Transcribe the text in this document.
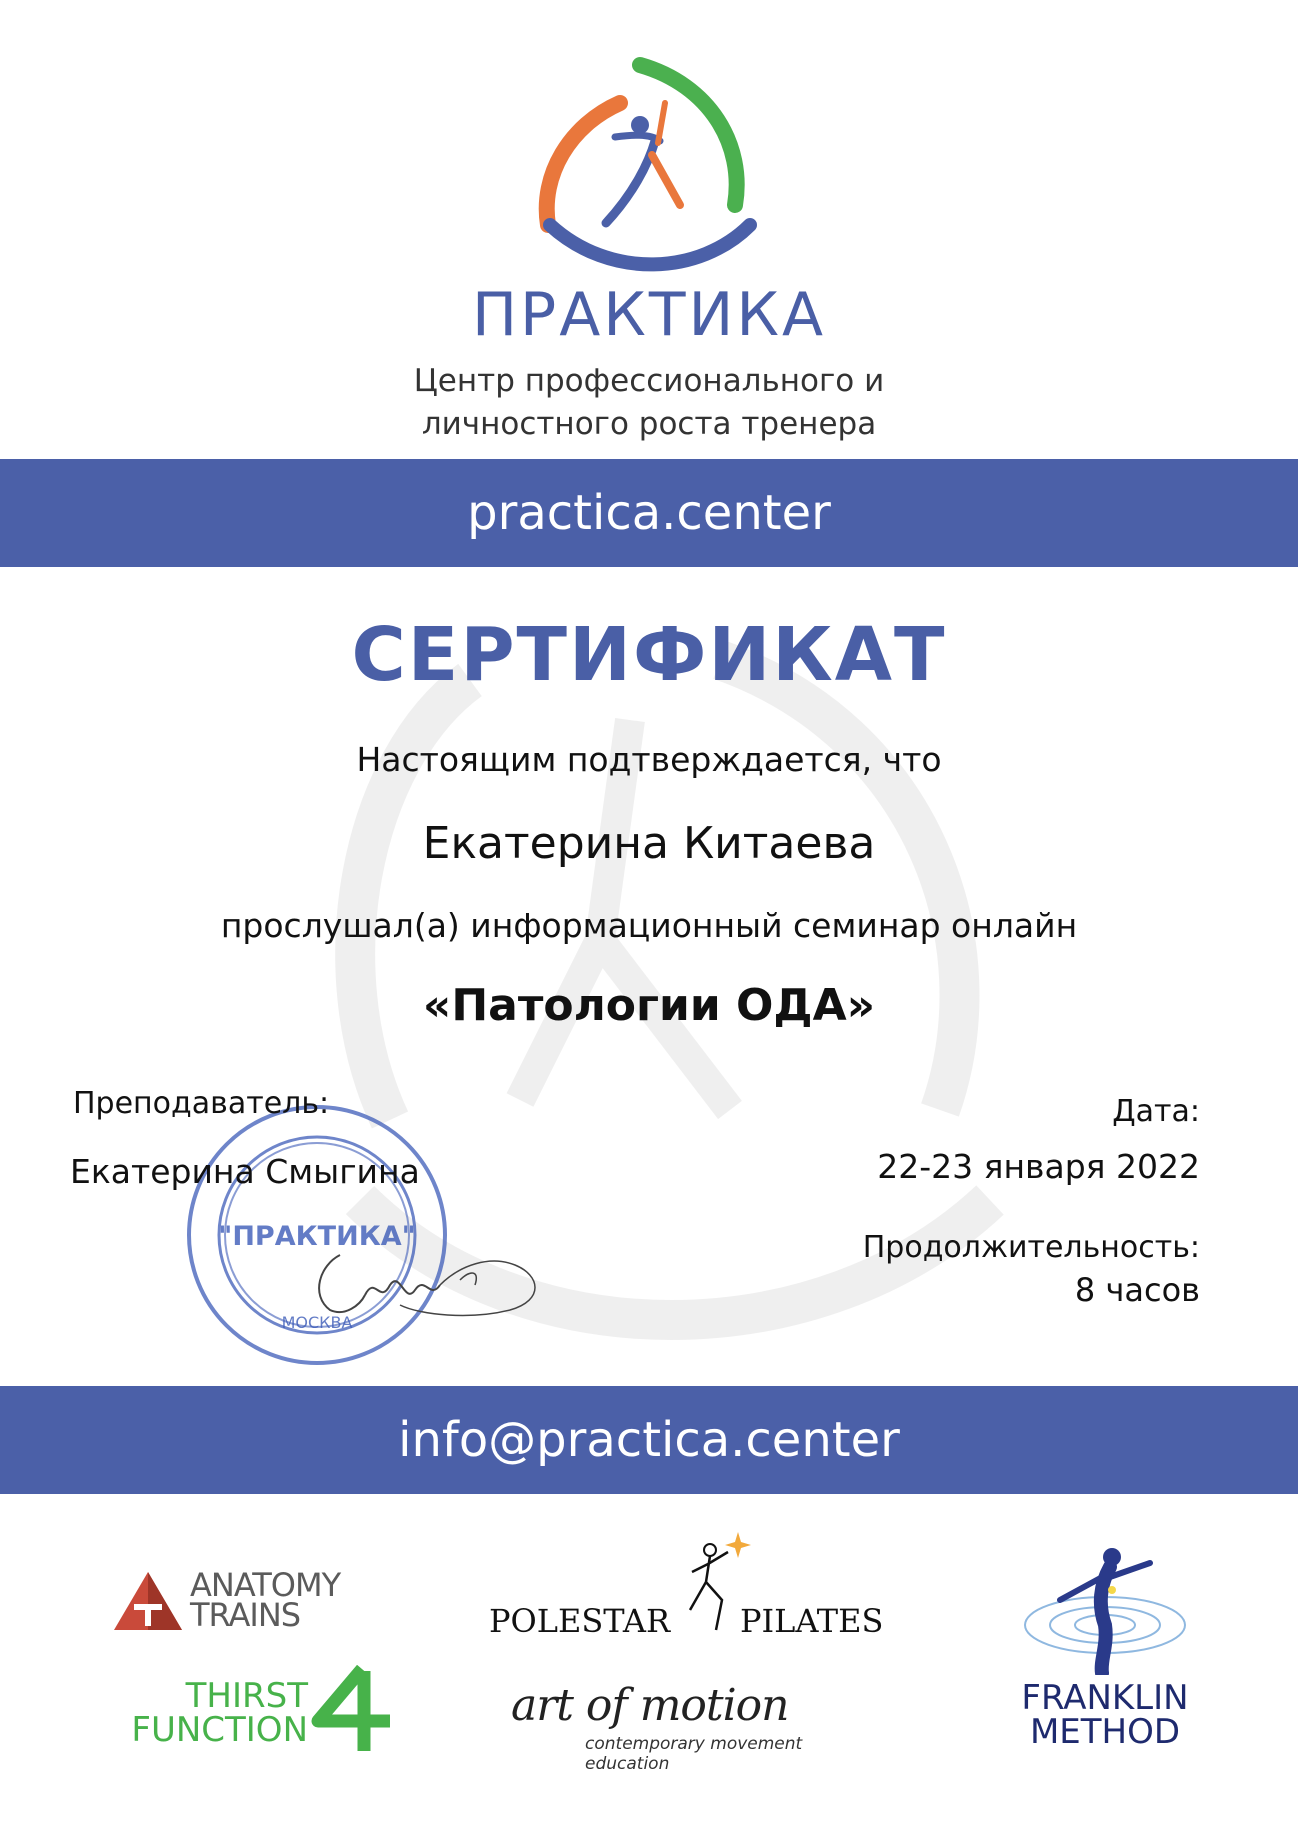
ПРАКТИКА
Центр профессионального и
личностного роста тренера
practica.center
СЕРТИФИКАТ
Настоящим подтверждается, что
Екатерина Китаева
прослушал(а) информационный семинар онлайн
«Патологии ОДА»
"ПРАКТИКА"
МОСКВА
Преподаватель:
Екатерина Смыгина
Дата:
22-23 января 2022
Продолжительность:
8 часов
info@practica.center
ANATOMY
TRAINS
THIRST
FUNCTION
POLESTAR PILATES
art of motion
contemporary movement education
FRANKLIN
METHOD
